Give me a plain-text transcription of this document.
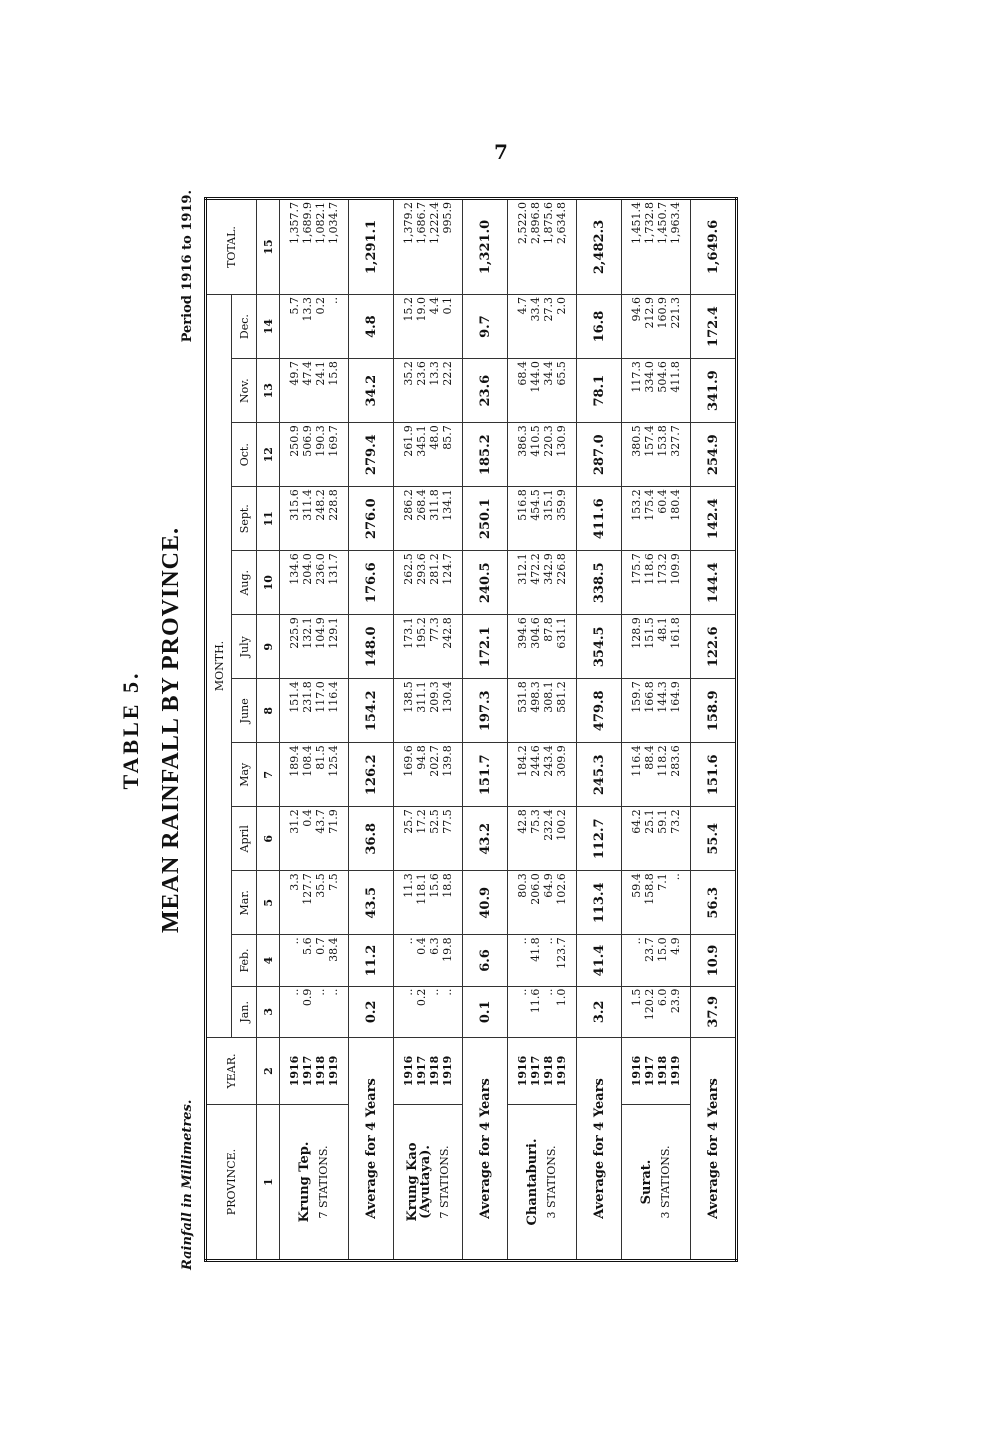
7
TABLE 5. MEAN RAINFALL BY PROVINCE.
Rainfall in Millimetres.
Period 1916 to 1919.
PROVINCE.	YEAR.	MONTH.												TOTAL.
		Jan.	Feb.	Mar.	April	May	June	July	Aug.	Sept.	Oct.	Nov.	Dec.	
1	2	3	4	5	6	7	8	9	10	11	12	13	14	15

Krung Tep. 7 STATIONS.	1916 1917 1918 1919	.. 0.9 .. ..	.. 5.6 0.7 38.4	3.3 127.7 35.5 7.5	31.2 0.4 43.7 71.9	189.4 108.4 81.5 125.4	151.4 231.8 117.0 116.4	225.9 132.1 104.9 129.1	134.6 204.0 236.0 131.7	315.6 311.4 248.2 228.8	250.9 506.9 190.3 169.7	49.7 47.4 24.1 15.8	5.7 13.3 0.2 ..	1,357.7 1,689.9 1,082.1 1,034.7

Average for 4 Years		0.2	11.2	43.5	36.8	126.2	154.2	148.0	176.6	276.0	279.4	34.2	4.8	1,291.1

Krung Kao (Ayutaya). 7 STATIONS.	1916 1917 1918 1919	.. 0.2 .. ..	.. 0.4 6.3 19.8	11.3 118.1 15.6 18.8	25.7 17.2 52.5 77.5	169.6 94.8 202.7 139.8	138.5 311.1 209.3 130.4	173.1 195.2 77.3 242.8	262.5 293.6 281.2 124.7	286.2 268.4 311.8 134.1	261.9 345.1 48.0 85.7	35.2 23.6 13.3 22.2	15.2 19.0 4.4 0.1	1,379.2 1,686.7 1,222.4 995.9

Average for 4 Years		0.1	6.6	40.9	43.2	151.7	197.3	172.1	240.5	250.1	185.2	23.6	9.7	1,321.0

Chantaburi. 3 STATIONS.	1916 1917 1918 1919	.. 11.6 .. 1.0	.. 41.8 .. 123.7	80.3 206.0 64.9 102.6	42.8 75.3 232.4 100.2	184.2 244.6 243.4 309.9	531.8 498.3 308.1 581.2	394.6 304.6 87.8 631.1	312.1 472.2 342.9 226.8	516.8 454.5 315.1 359.9	386.3 410.5 220.3 130.9	68.4 144.0 34.4 65.5	4.7 33.4 27.3 2.0	2,522.0 2,896.8 1,875.6 2,634.8

Average for 4 Years		3.2	41.4	113.4	112.7	245.3	479.8	354.5	338.5	411.6	287.0	78.1	16.8	2,482.3

Surat. 3 STATIONS.	1916 1917 1918 1919	1.5 120.2 6.0 23.9	.. 23.7 15.0 4.9	59.4 158.8 7.1 ..	64.2 25.1 59.1 73.2	116.4 88.4 118.2 283.6	159.7 166.8 144.3 164.9	128.9 151.5 48.1 161.8	175.7 118.6 173.2 109.9	153.2 175.4 60.4 180.4	380.5 157.4 153.8 327.7	117.3 334.0 504.6 411.8	94.6 212.9 160.9 221.3	1,451.4 1,732.8 1,450.7 1,963.4

Average for 4 Years		37.9	10.9	56.3	55.4	151.6	158.9	122.6	144.4	142.4	254.9	341.9	172.4	1,649.6
